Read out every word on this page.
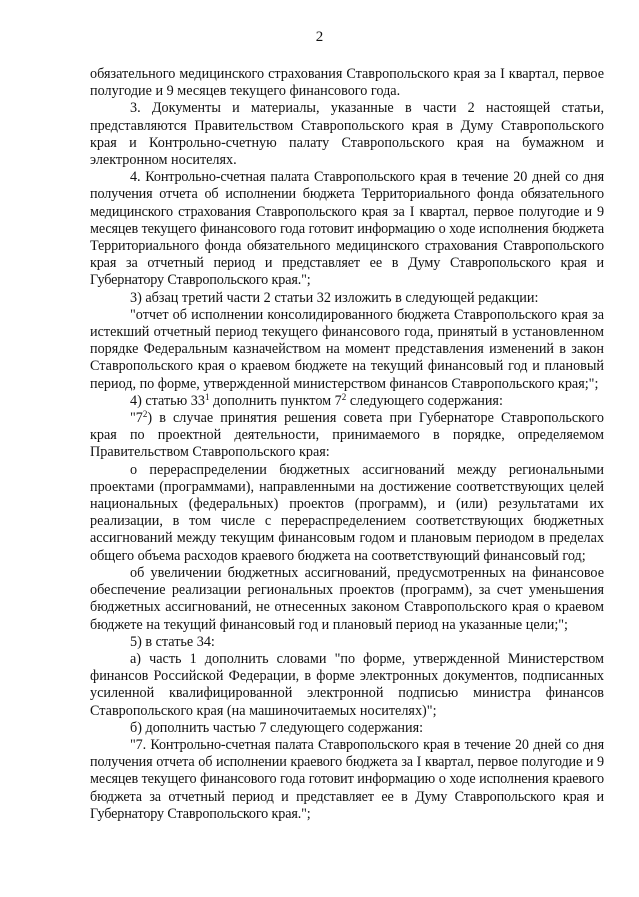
2

обязательного медицинского страхования Ставропольского края за I квартал, первое полугодие и 9 месяцев текущего финансового года.

3. Документы и материалы, указанные в части 2 настоящей статьи, представляются Правительством Ставропольского края в Думу Ставропольского края и Контрольно-счетную палату Ставропольского края на бумажном и электронном носителях.

4. Контрольно-счетная палата Ставропольского края в течение 20 дней со дня получения отчета об исполнении бюджета Территориального фонда обязательного медицинского страхования Ставропольского края за I квартал, первое полугодие и 9 месяцев текущего финансового года готовит информацию о ходе исполнения бюджета Территориального фонда обязательного медицинского страхования Ставропольского края за отчетный период и представляет ее в Думу Ставропольского края и Губернатору Ставропольского края.";

3) абзац третий части 2 статьи 32 изложить в следующей редакции:

"отчет об исполнении консолидированного бюджета Ставропольского края за истекший отчетный период текущего финансового года, принятый в установленном порядке Федеральным казначейством на момент представления изменений в закон Ставропольского края о краевом бюджете на текущий финансовый год и плановый период, по форме, утвержденной министерством финансов Ставропольского края;";

4) статью $33^1$ дополнить пунктом $7^2$ следующего содержания:

"$7^2$) в случае принятия решения совета при Губернаторе Ставропольского края по проектной деятельности, принимаемого в порядке, определяемом Правительством Ставропольского края:

о перераспределении бюджетных ассигнований между региональными проектами (программами), направленными на достижение соответствующих целей национальных (федеральных) проектов (программ), и (или) результатами их реализации, в том числе с перераспределением соответствующих бюджетных ассигнований между текущим финансовым годом и плановым периодом в пределах общего объема расходов краевого бюджета на соответствующий финансовый год;

об увеличении бюджетных ассигнований, предусмотренных на финансовое обеспечение реализации региональных проектов (программ), за счет уменьшения бюджетных ассигнований, не отнесенных законом Ставропольского края о краевом бюджете на текущий финансовый год и плановый период на указанные цели;";

5) в статье 34:

а) часть 1 дополнить словами "по форме, утвержденной Министерством финансов Российской Федерации, в форме электронных документов, подписанных усиленной квалифицированной электронной подписью министра финансов Ставропольского края (на машиночитаемых носителях)";

б) дополнить частью 7 следующего содержания:

"7. Контрольно-счетная палата Ставропольского края в течение 20 дней со дня получения отчета об исполнении краевого бюджета за I квартал, первое полугодие и 9 месяцев текущего финансового года готовит информацию о ходе исполнения краевого бюджета за отчетный период и представляет ее в Думу Ставропольского края и Губернатору Ставропольского края.";
